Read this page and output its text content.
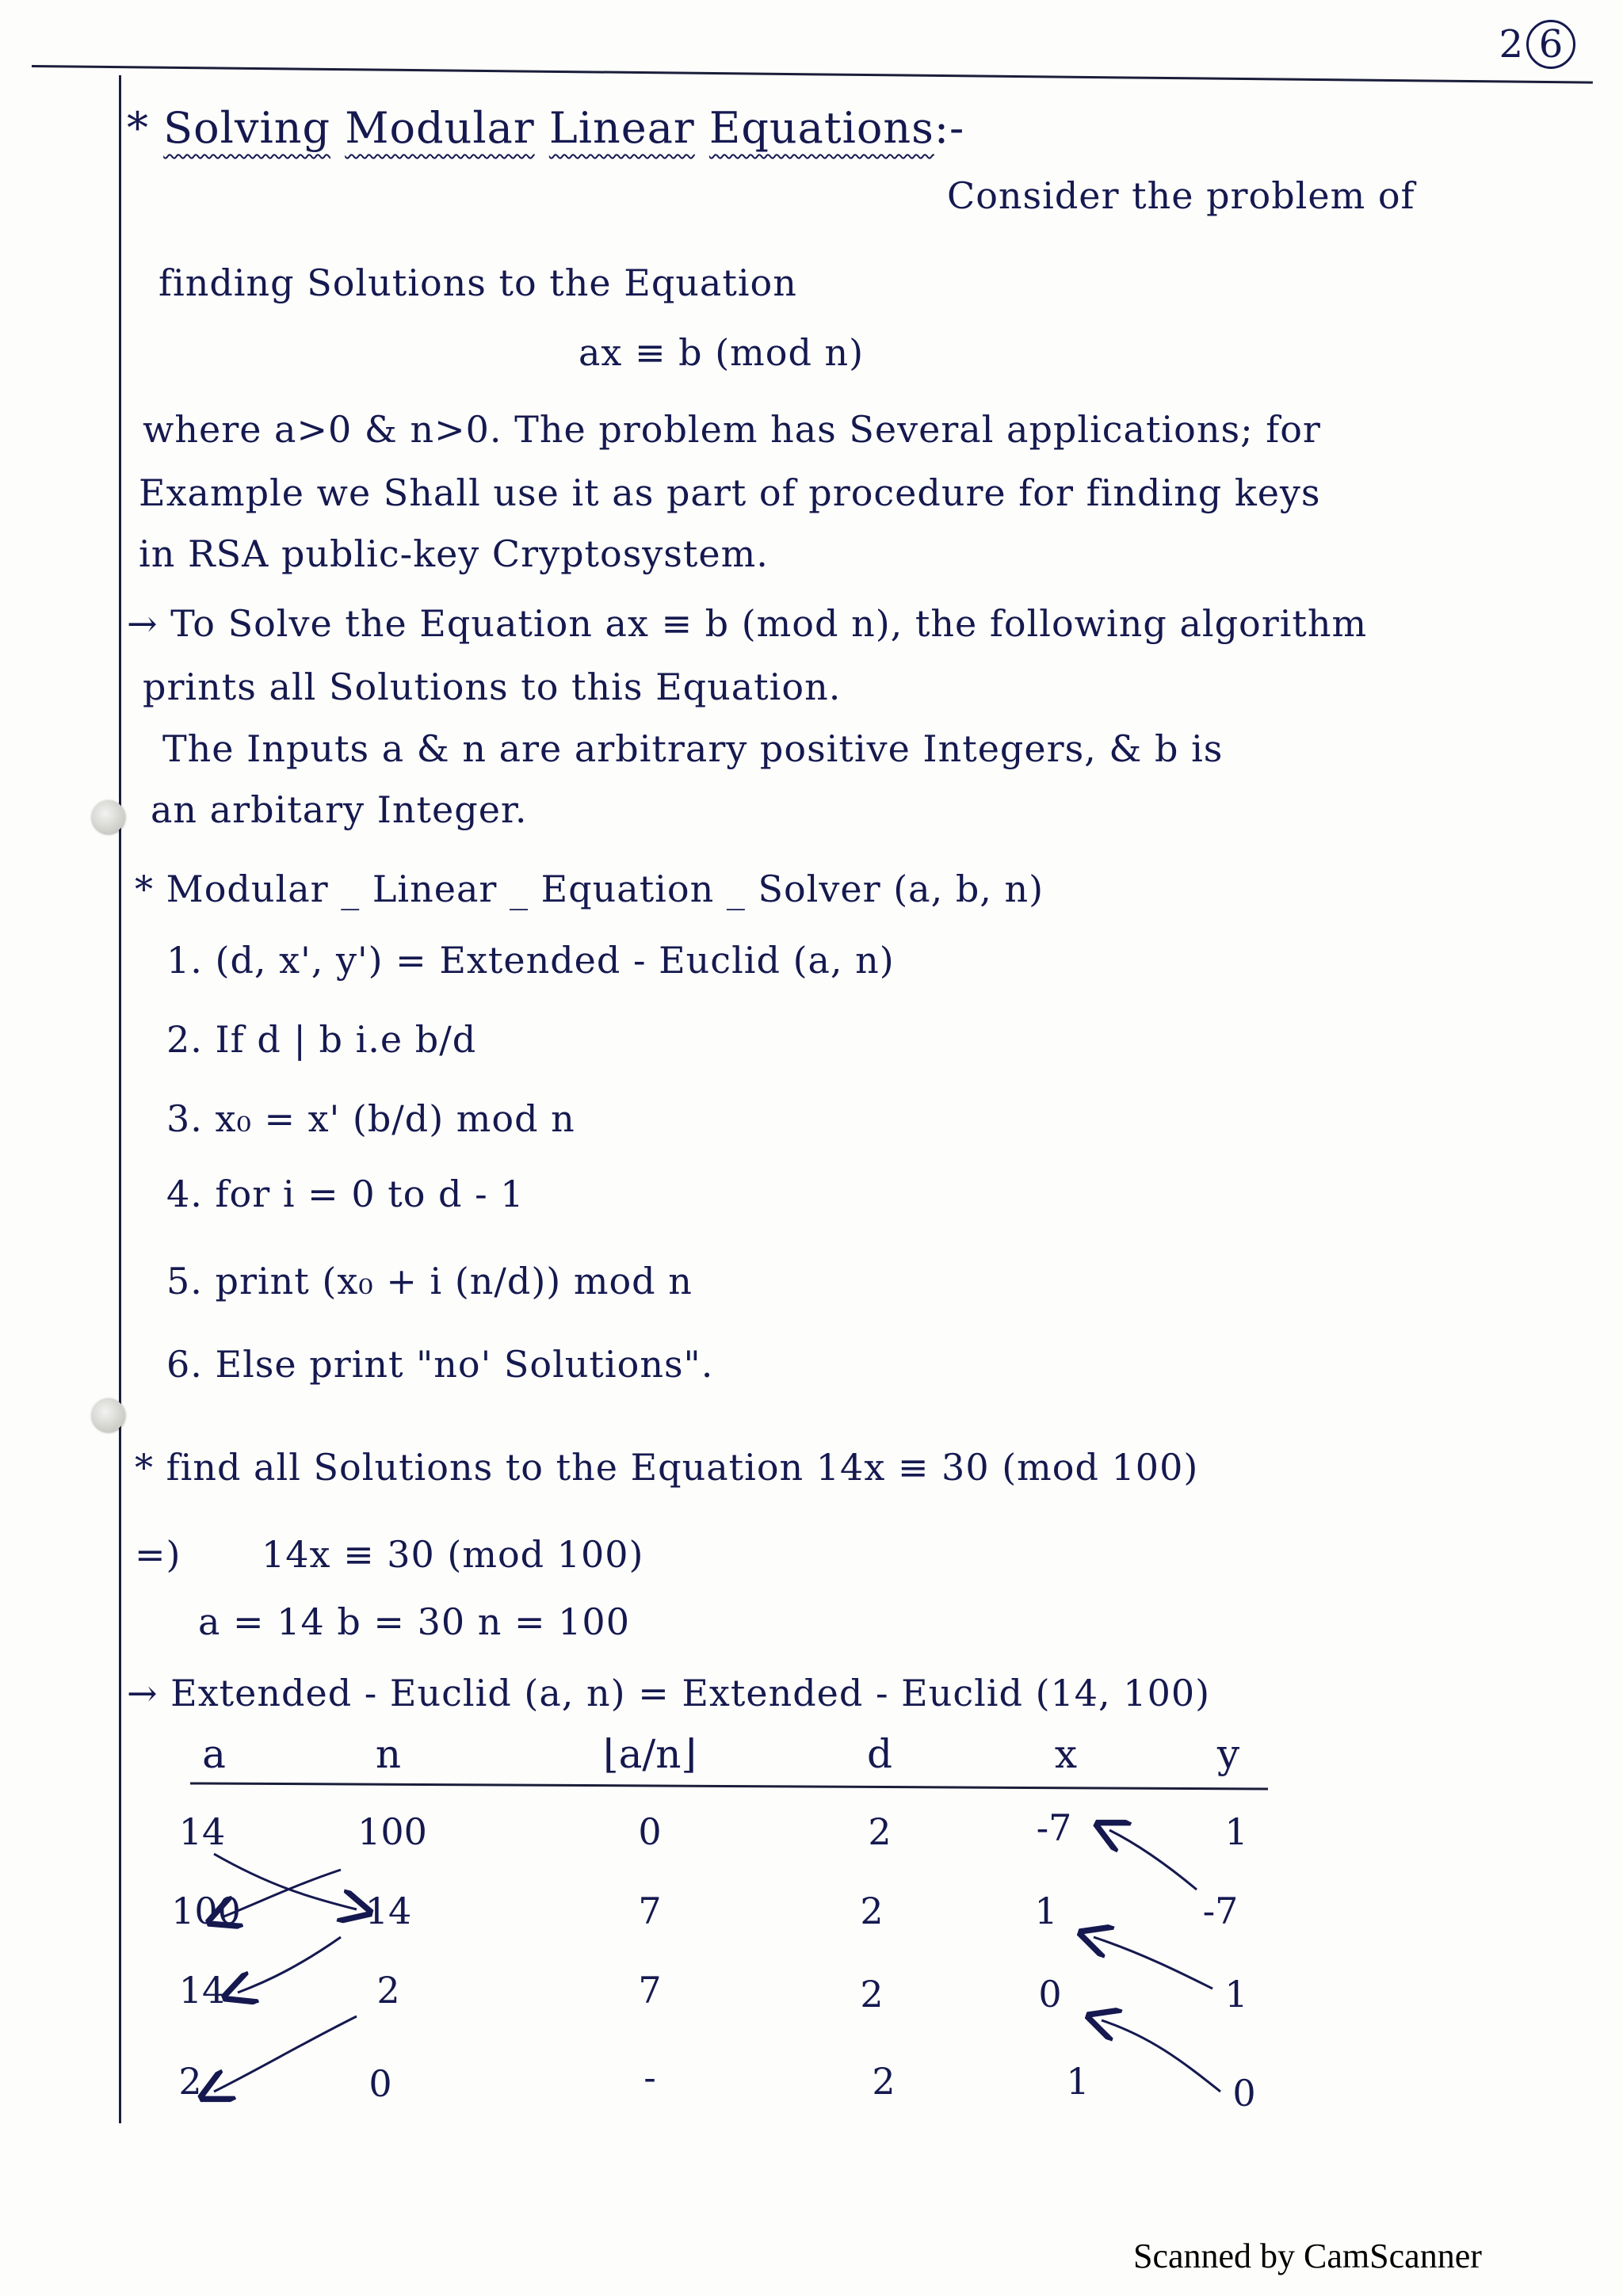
2 6
* Solving Modular Linear Equations:-
Consider the problem of
finding Solutions to the Equation
ax ≡ b (mod n)
where a>0 & n>0. The problem has Several applications; for
Example we Shall use it as part of procedure for finding keys
in RSA public-key Cryptosystem.
→ To Solve the Equation ax ≡ b (mod n), the following algorithm
prints all Solutions to this Equation.
The Inputs a & n are arbitrary positive Integers, & b is
an arbitary Integer.
* Modular _ Linear _ Equation _ Solver (a, b, n)
1. (d, x', y') = Extended - Euclid (a, n)
2. If d | b i.e b/d
3. x₀ = x' (b/d) mod n
4. for i = 0 to d - 1
5. print (x₀ + i (n/d)) mod n
6. Else print "no' Solutions".
* find all Solutions to the Equation 14x ≡ 30 (mod 100)
=) 14x ≡ 30 (mod 100)
a = 14 b = 30 n = 100
→ Extended - Euclid (a, n) = Extended - Euclid (14, 100)
a	n	⌊a/n⌋	d	x	y
14	100	0	2	-7	1
100	14	7	2	1	-7
14	2	7	2	0	1
2	0	-	2	1	0
Scanned by CamScanner
